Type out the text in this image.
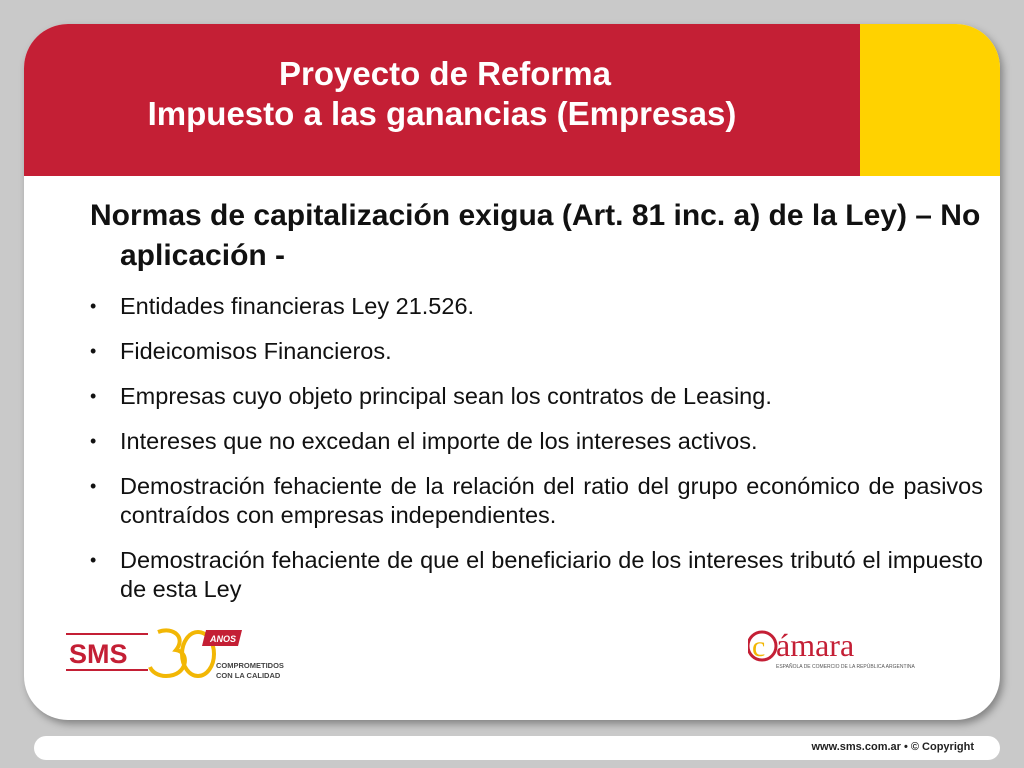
Proyecto de Reforma
Impuesto a las ganancias (Empresas)

Normas de capitalización exigua (Art. 81 inc. a) de la Ley) – No aplicación -

• Entidades financieras Ley 21.526.
• Fideicomisos Financieros.
• Empresas cuyo objeto principal sean los contratos de Leasing.
• Intereses que no excedan el importe de los intereses activos.
• Demostración fehaciente de la relación del ratio del grupo económico de pasivos contraídos con empresas independientes.
• Demostración fehaciente de que el beneficiario de los intereses tributó el impuesto de esta Ley
SMS	ANOS
COMPROMETIDOS
CON LA CALIDAD
c ámara
ESPAÑOLA DE COMERCIO DE LA REPÚBLICA ARGENTINA
www.sms.com.ar • © Copyright
